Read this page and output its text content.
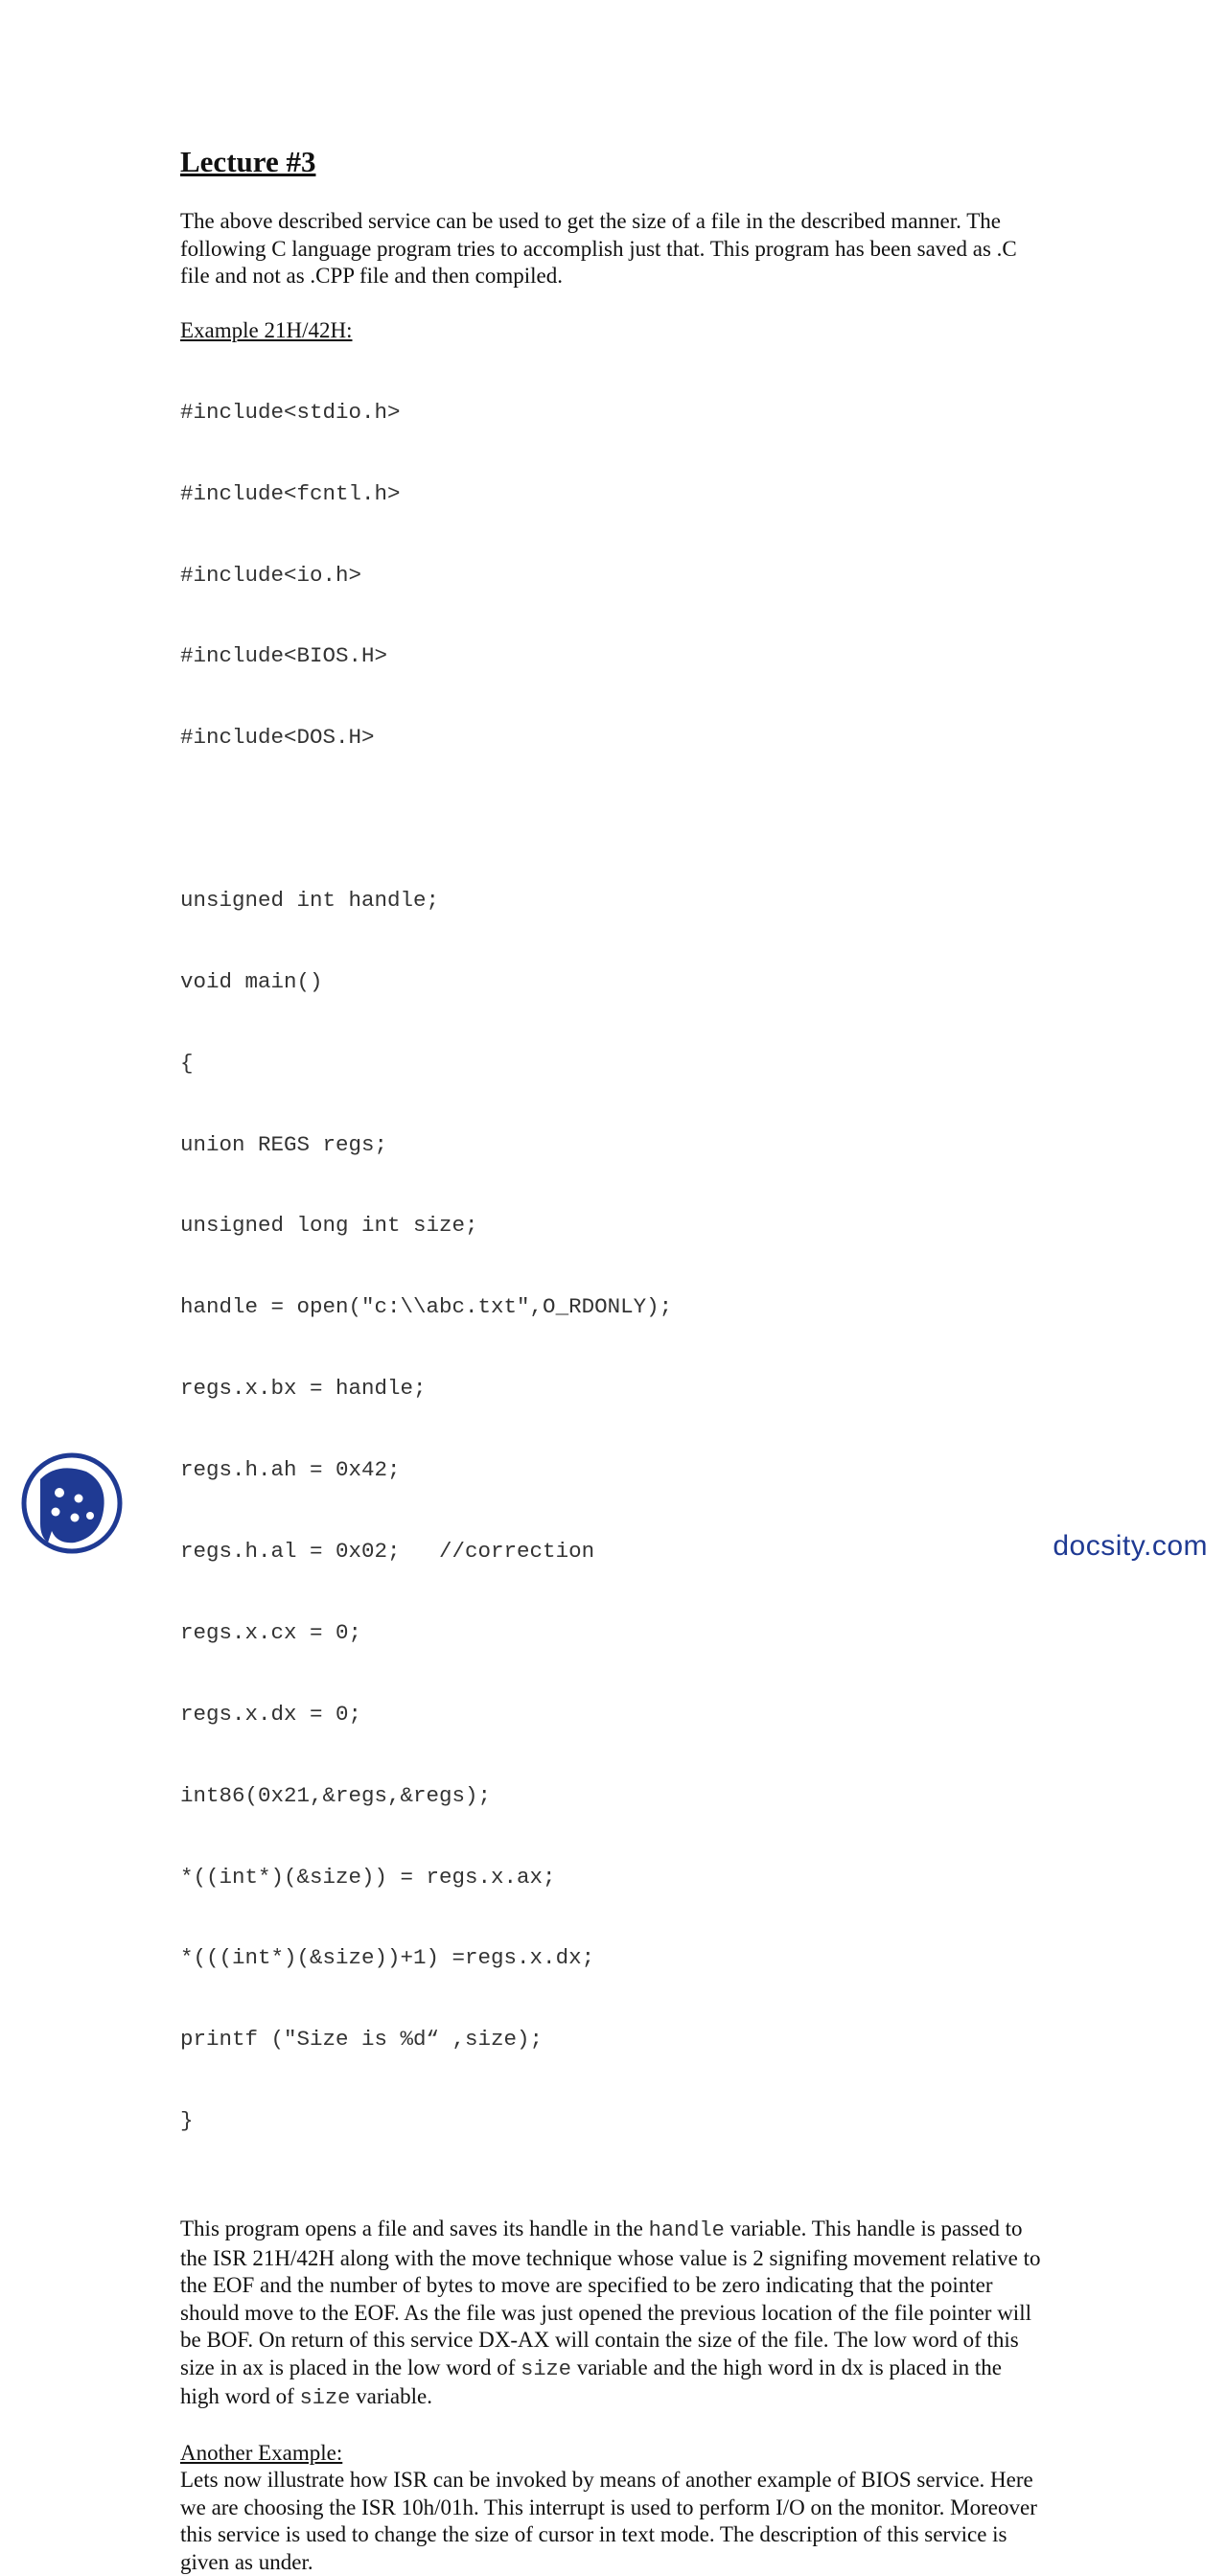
Lecture #3
The above described service can be used to get the size of a file in the described manner. The following C language program tries to accomplish just that. This program has been saved as .C file and not as .CPP file and then compiled.
Example 21H/42H:

#include<stdio.h>

#include<fcntl.h>

#include<io.h>

#include<BIOS.H>

#include<DOS.H>

unsigned int handle;

void main()

{

union REGS regs;

unsigned long int size;

handle = open("c:\\abc.txt",O_RDONLY);

regs.x.bx = handle;

regs.h.ah = 0x42;

regs.h.al = 0x02;   //correction

regs.x.cx = 0;

regs.x.dx = 0;

int86(0x21,&regs,&regs);

*((int*)(&size)) = regs.x.ax;

*(((int*)(&size))+1) =regs.x.dx;

printf ("Size is %d“ ,size);

}

This program opens a file and saves its handle in the handle variable. This handle is passed to the ISR 21H/42H along with the move technique whose value is 2 signifing movement relative to the EOF and the number of bytes to move are specified to be zero indicating that the pointer should move to the EOF. As the file was just opened the previous location of the file pointer will be BOF. On return of this service DX-AX will contain the size of the file. The low word of this size in ax is placed in the low word of size variable and the high word in dx is placed in the high word of size variable.
Another Example:
Lets now illustrate how ISR can be invoked by means of another example of BIOS service. Here we are choosing the ISR 10h/01h. This interrupt is used to perform I/O on the monitor. Moreover this service is used to change the size of cursor in text mode. The description of this service is given as under.
docsity.com
